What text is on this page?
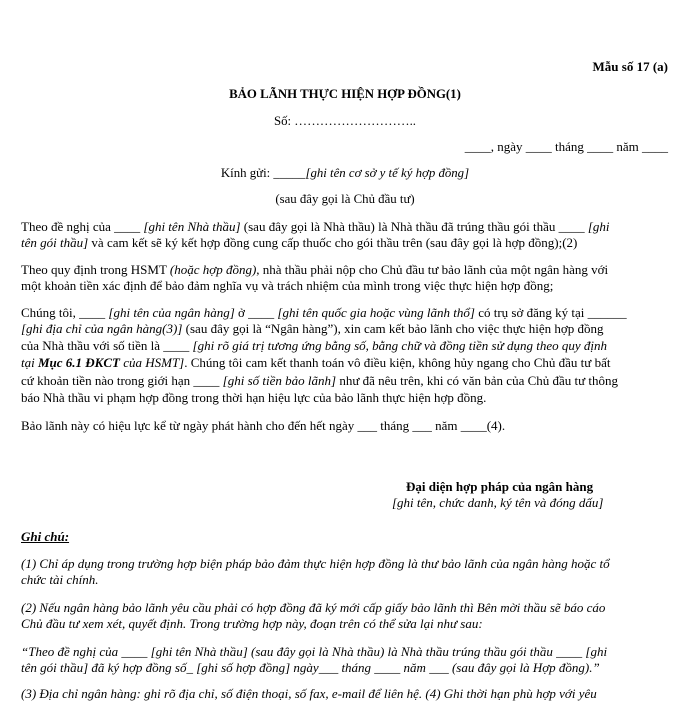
Mẫu số 17 (a)
BẢO LÃNH THỰC HIỆN HỢP ĐỒNG(1)
Số: ………………………..
____, ngày ____ tháng ____ năm ____
Kính gửi: _____[ghi tên cơ sở y tế ký hợp đồng]
(sau đây gọi là Chủ đầu tư)
Theo đề nghị của ____ [ghi tên Nhà thầu] (sau đây gọi là Nhà thầu) là Nhà thầu đã trúng thầu gói thầu ____ [ghi
tên gói thầu] và cam kết sẽ ký kết hợp đồng cung cấp thuốc cho gói thầu trên (sau đây gọi là hợp đồng);(2)
Theo quy định trong HSMT (hoặc hợp đồng), nhà thầu phải nộp cho Chủ đầu tư bảo lãnh của một ngân hàng với
một khoản tiền xác định để bảo đảm nghĩa vụ và trách nhiệm của mình trong việc thực hiện hợp đồng;
Chúng tôi, ____ [ghi tên của ngân hàng] ở ____ [ghi tên quốc gia hoặc vùng lãnh thổ] có trụ sở đăng ký tại ______
[ghi địa chỉ của ngân hàng(3)] (sau đây gọi là “Ngân hàng”), xin cam kết bảo lãnh cho việc thực hiện hợp đồng
của Nhà thầu với số tiền là ____ [ghi rõ giá trị tương ứng bằng số, bằng chữ và đồng tiền sử dụng theo quy định
tại Mục 6.1 ĐKCT của HSMT]. Chúng tôi cam kết thanh toán vô điều kiện, không hủy ngang cho Chủ đầu tư bất
cứ khoản tiền nào trong giới hạn ____ [ghi số tiền bảo lãnh] như đã nêu trên, khi có văn bản của Chủ đầu tư thông
báo Nhà thầu vi phạm hợp đồng trong thời hạn hiệu lực của bảo lãnh thực hiện hợp đồng.
Bảo lãnh này có hiệu lực kể từ ngày phát hành cho đến hết ngày ___ tháng ___ năm ____(4).
Đại diện hợp pháp của ngân hàng
[ghi tên, chức danh, ký tên và đóng dấu]
Ghi chú:
(1) Chỉ áp dụng trong trường hợp biện pháp bảo đảm thực hiện hợp đồng là thư bảo lãnh của ngân hàng hoặc tổ
chức tài chính.
(2) Nếu ngân hàng bảo lãnh yêu cầu phải có hợp đồng đã ký mới cấp giấy bảo lãnh thì Bên mời thầu sẽ báo cáo
Chủ đầu tư xem xét, quyết định. Trong trường hợp này, đoạn trên có thể sửa lại như sau:
“Theo đề nghị của ____ [ghi tên Nhà thầu] (sau đây gọi là Nhà thầu) là Nhà thầu trúng thầu gói thầu ____ [ghi
tên gói thầu] đã ký hợp đồng số_ [ghi số hợp đồng] ngày___ tháng ____ năm ___ (sau đây gọi là Hợp đồng).”
(3) Địa chỉ ngân hàng: ghi rõ địa chỉ, số điện thoại, số fax, e-mail để liên hệ. (4) Ghi thời hạn phù hợp với yêu
